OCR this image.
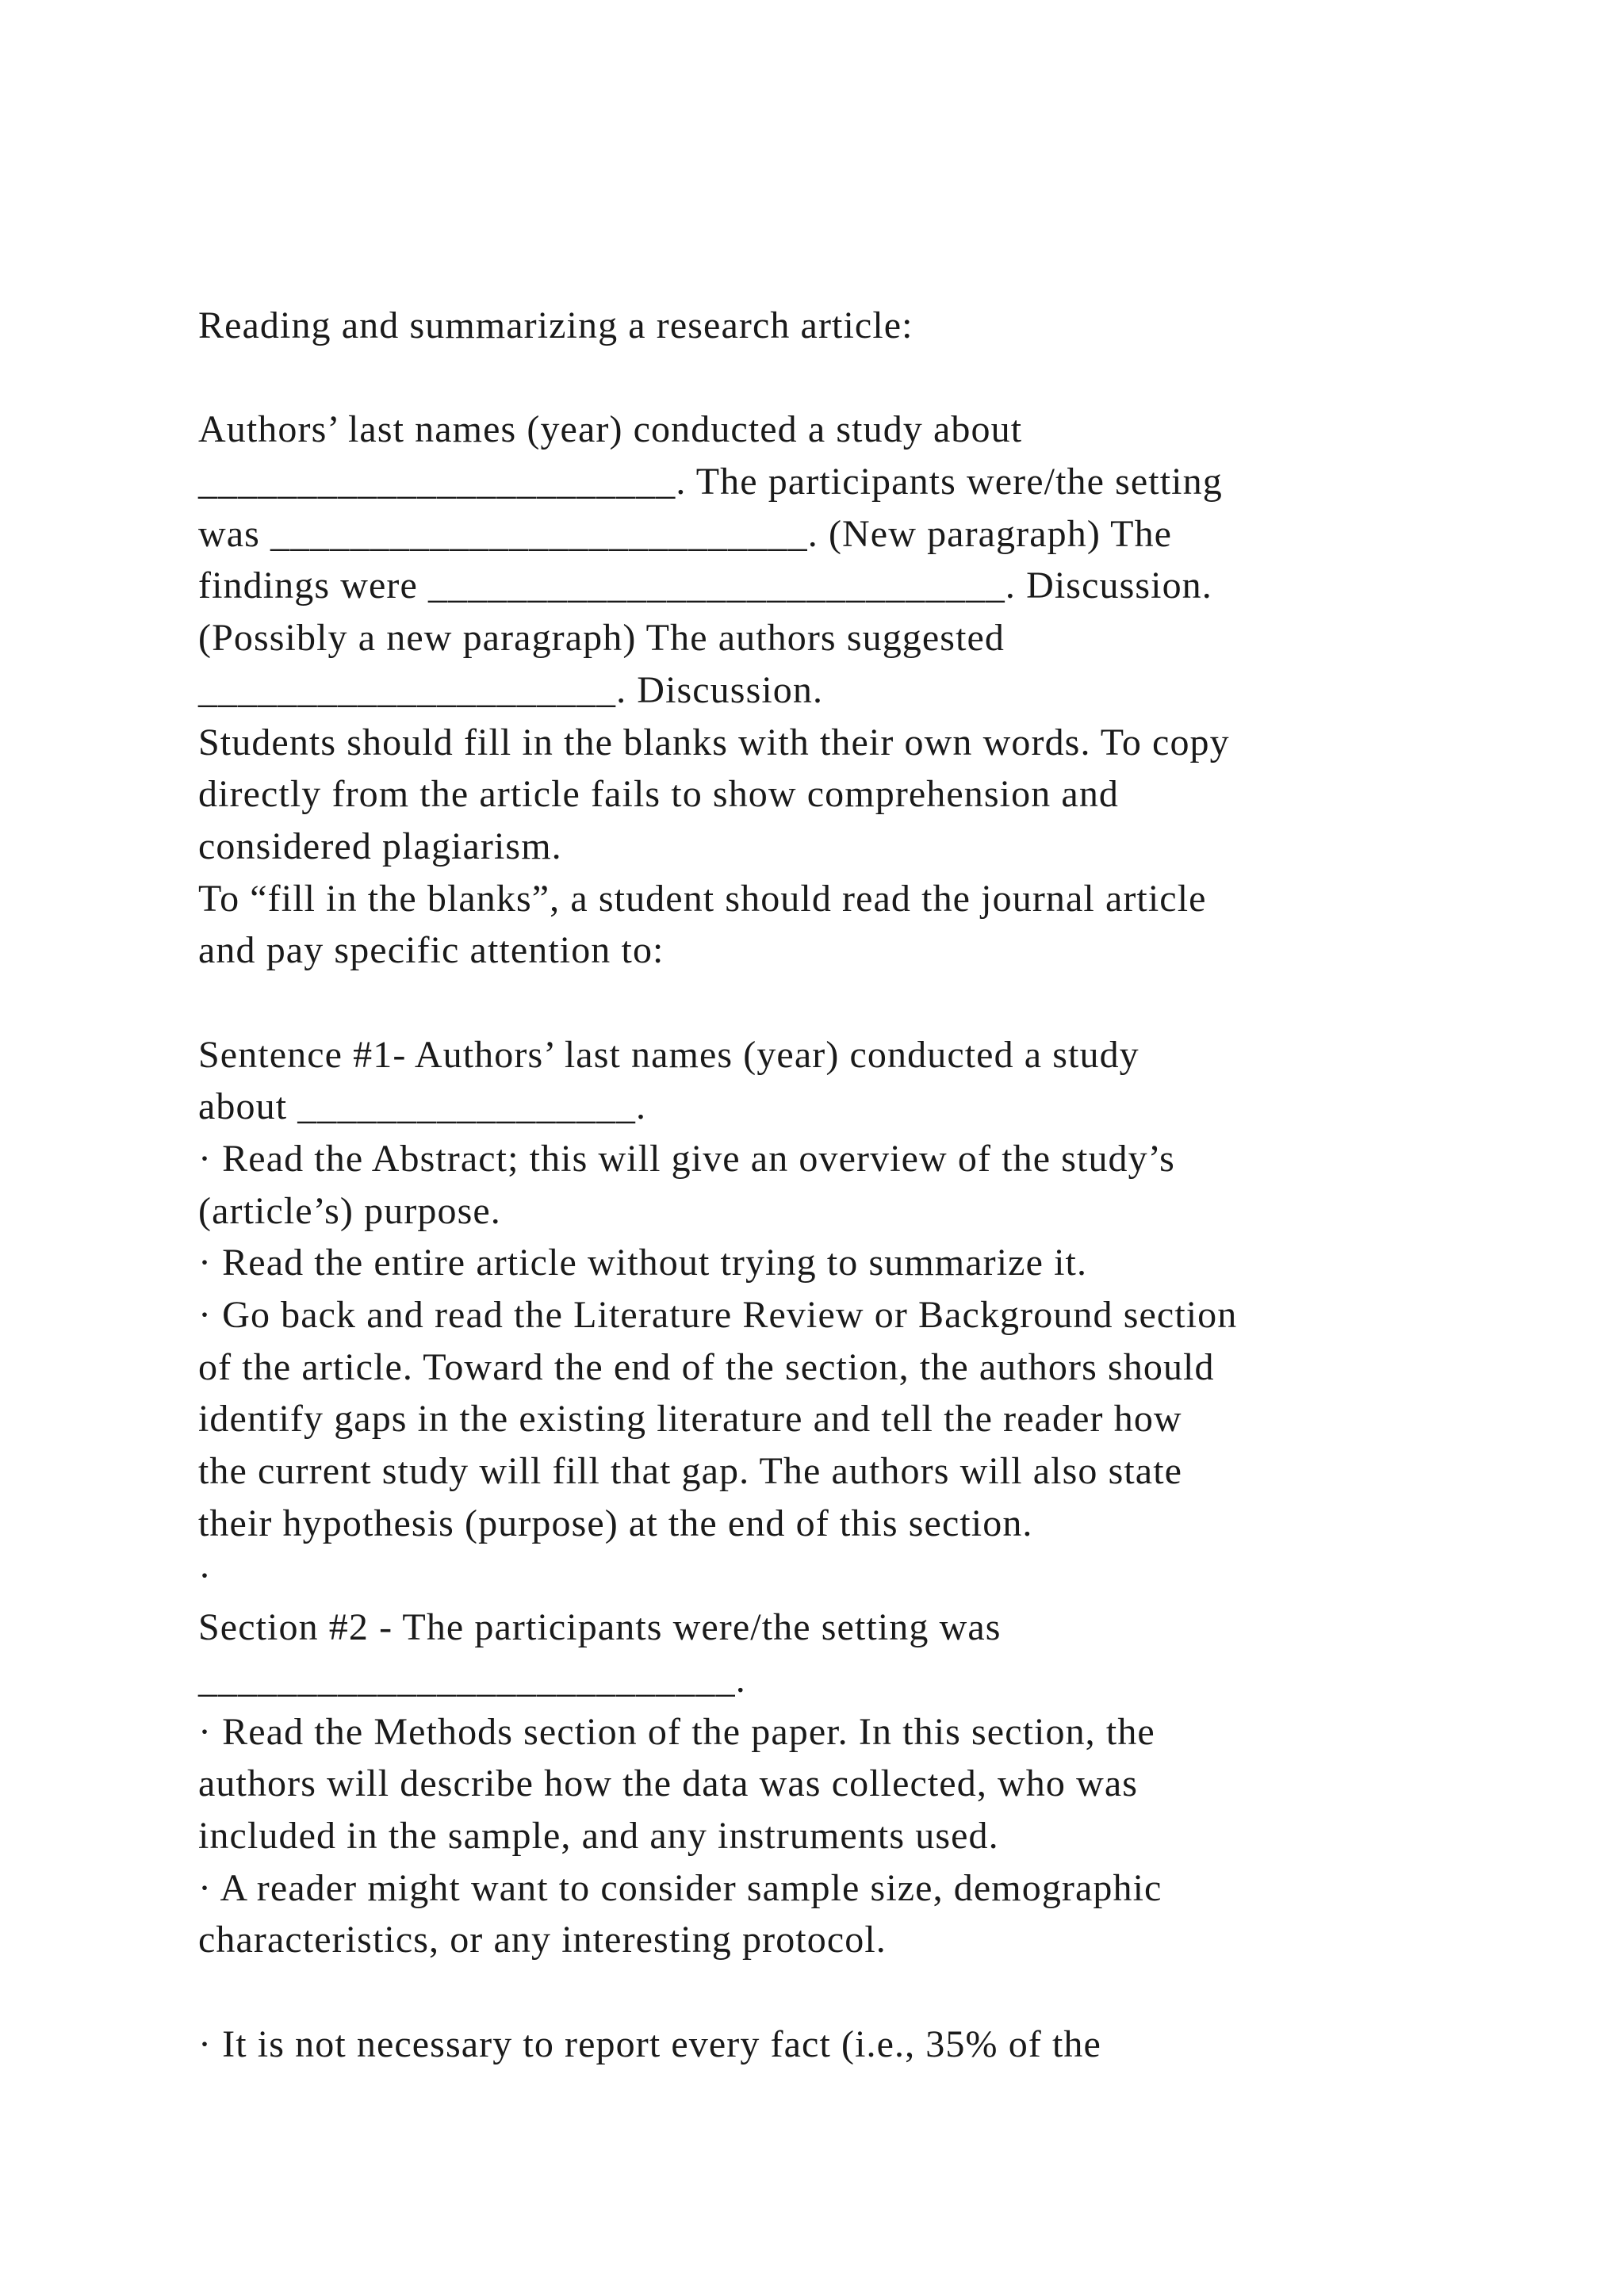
Reading and summarizing a research article:
Authors’ last names (year) conducted a study about
________________________. The participants were/the setting
was ___________________________. (New paragraph) The
findings were _____________________________. Discussion.
(Possibly a new paragraph) The authors suggested
_____________________. Discussion.
Students should fill in the blanks with their own words. To copy
directly from the article fails to show comprehension and
considered plagiarism.
To “fill in the blanks”, a student should read the journal article
and pay specific attention to:
Sentence #1- Authors’ last names (year) conducted a study
about _________________.
· Read the Abstract; this will give an overview of the study’s
(article’s) purpose.
· Read the entire article without trying to summarize it.
· Go back and read the Literature Review or Background section
of the article. Toward the end of the section, the authors should
identify gaps in the existing literature and tell the reader how
the current study will fill that gap. The authors will also state
their hypothesis (purpose) at the end of this section.
·
Section #2 - The participants were/the setting was
___________________________.
· Read the Methods section of the paper. In this section, the
authors will describe how the data was collected, who was
included in the sample, and any instruments used.
· A reader might want to consider sample size, demographic
characteristics, or any interesting protocol.
· It is not necessary to report every fact (i.e., 35% of the
